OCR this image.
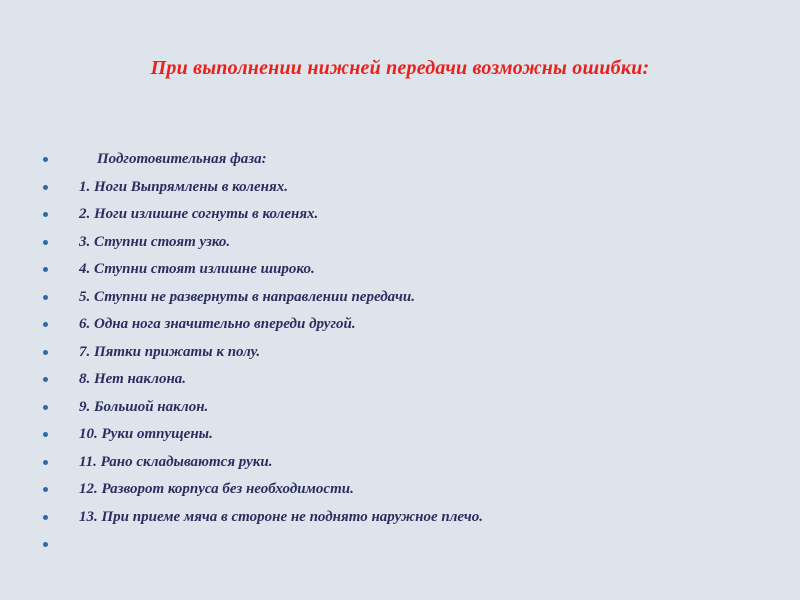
При выполнении нижней передачи возможны ошибки:
Подготовительная фаза:
1. Ноги Выпрямлены в коленях.
2. Ноги излишне согнуты в коленях.
3. Ступни стоят узко.
4. Ступни стоят излишне широко.
5. Ступни не развернуты в направлении передачи.
6. Одна нога значительно впереди другой.
7. Пятки прижаты к полу.
8. Нет наклона.
9. Большой наклон.
10. Руки отпущены.
11. Рано складываются руки.
12. Разворот корпуса без необходимости.
13. При приеме мяча в стороне не поднято наружное плечо.
